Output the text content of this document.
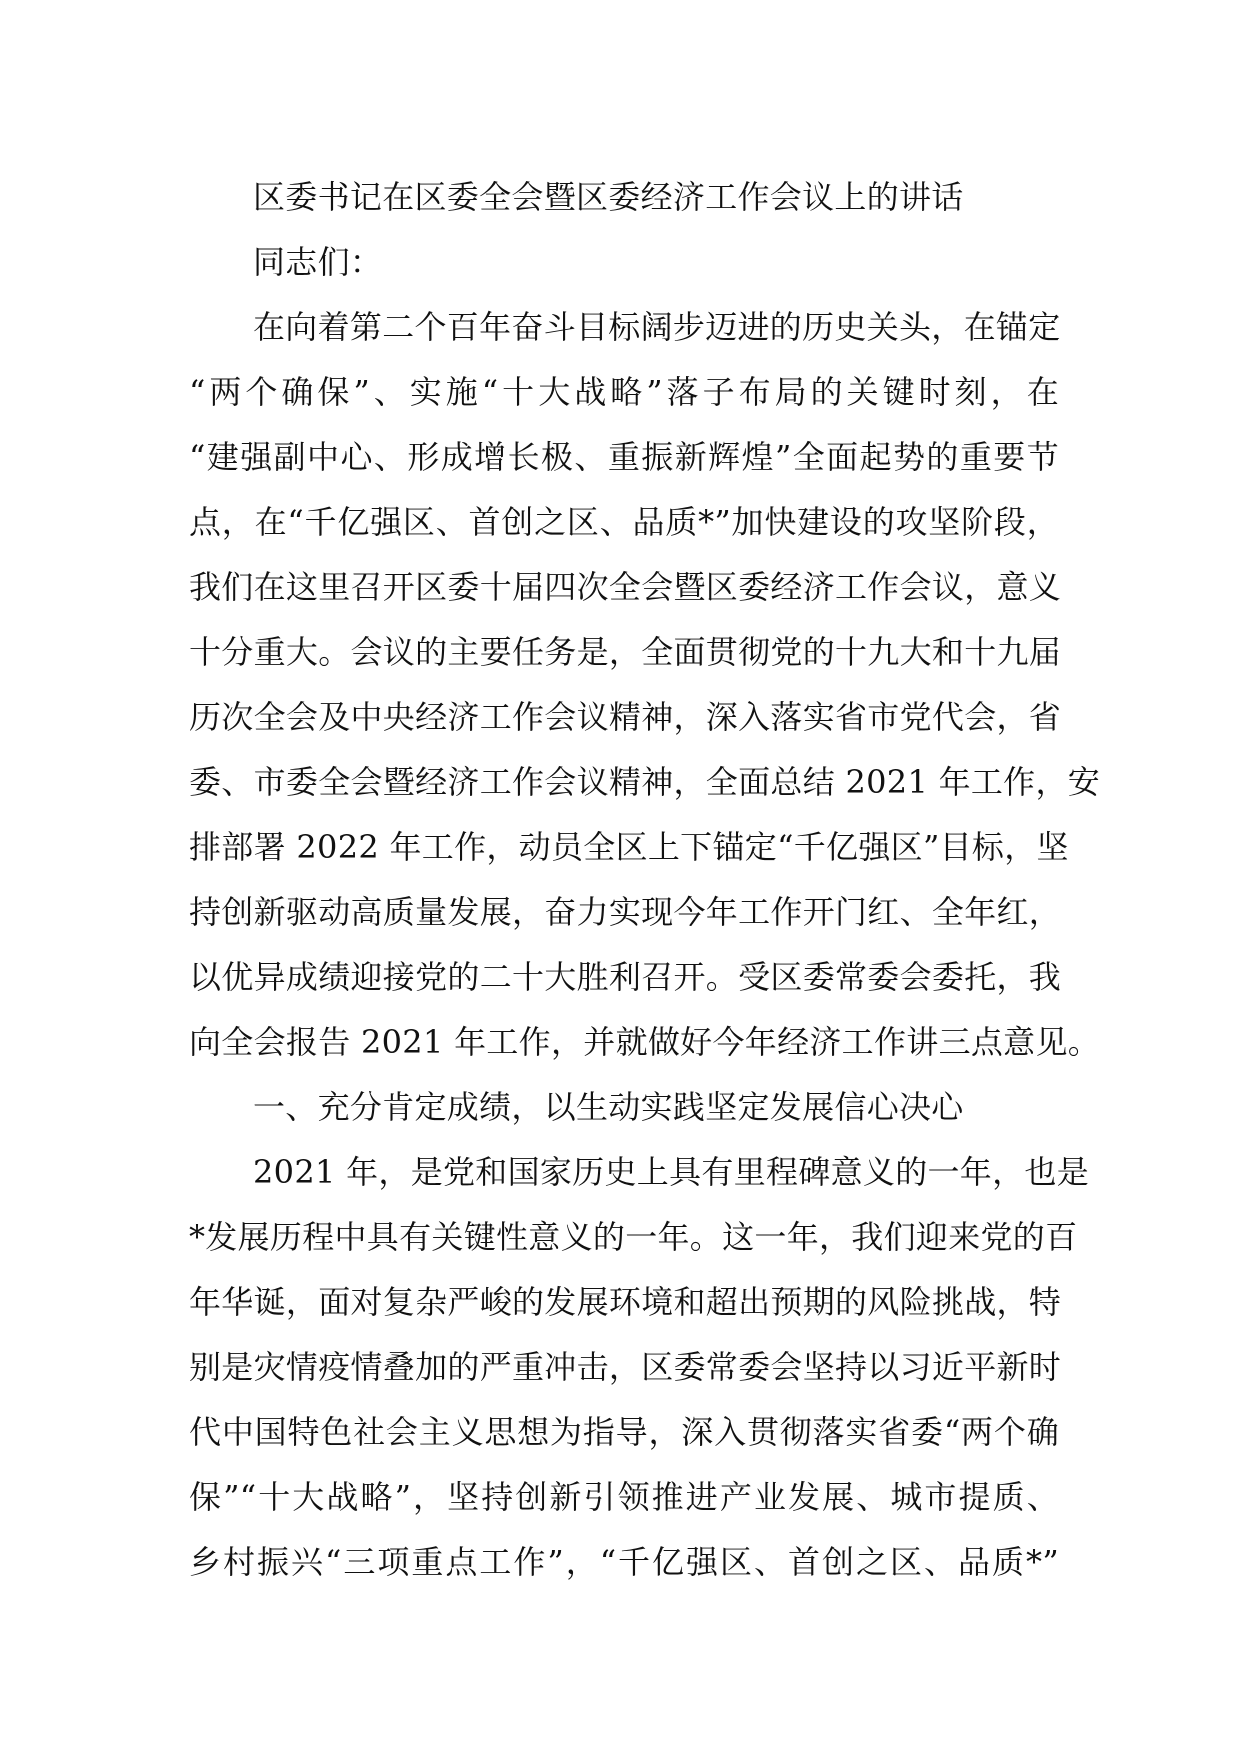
区委书记在区委全会暨区委经济工作会议上的讲话
同志们：
在向着第二个百年奋斗目标阔步迈进的历史关头，在锚定
“两个确保”、实施“十大战略”落子布局的关键时刻，在
“建强副中心、形成增长极、重振新辉煌”全面起势的重要节
点，在“千亿强区、首创之区、品质*”加快建设的攻坚阶段，
我们在这里召开区委十届四次全会暨区委经济工作会议，意义
十分重大。会议的主要任务是，全面贯彻党的十九大和十九届
历次全会及中央经济工作会议精神，深入落实省市党代会，省
委、市委全会暨经济工作会议精神，全面总结 2021 年工作，安
排部署 2022 年工作，动员全区上下锚定“千亿强区”目标，坚
持创新驱动高质量发展，奋力实现今年工作开门红、全年红，
以优异成绩迎接党的二十大胜利召开。受区委常委会委托，我
向全会报告 2021 年工作，并就做好今年经济工作讲三点意见。
一、充分肯定成绩，以生动实践坚定发展信心决心
2021 年，是党和国家历史上具有里程碑意义的一年，也是
*发展历程中具有关键性意义的一年。这一年，我们迎来党的百
年华诞，面对复杂严峻的发展环境和超出预期的风险挑战，特
别是灾情疫情叠加的严重冲击，区委常委会坚持以习近平新时
代中国特色社会主义思想为指导，深入贯彻落实省委“两个确
保”“十大战略”，坚持创新引领推进产业发展、城市提质、
乡村振兴“三项重点工作”，“千亿强区、首创之区、品质*”
